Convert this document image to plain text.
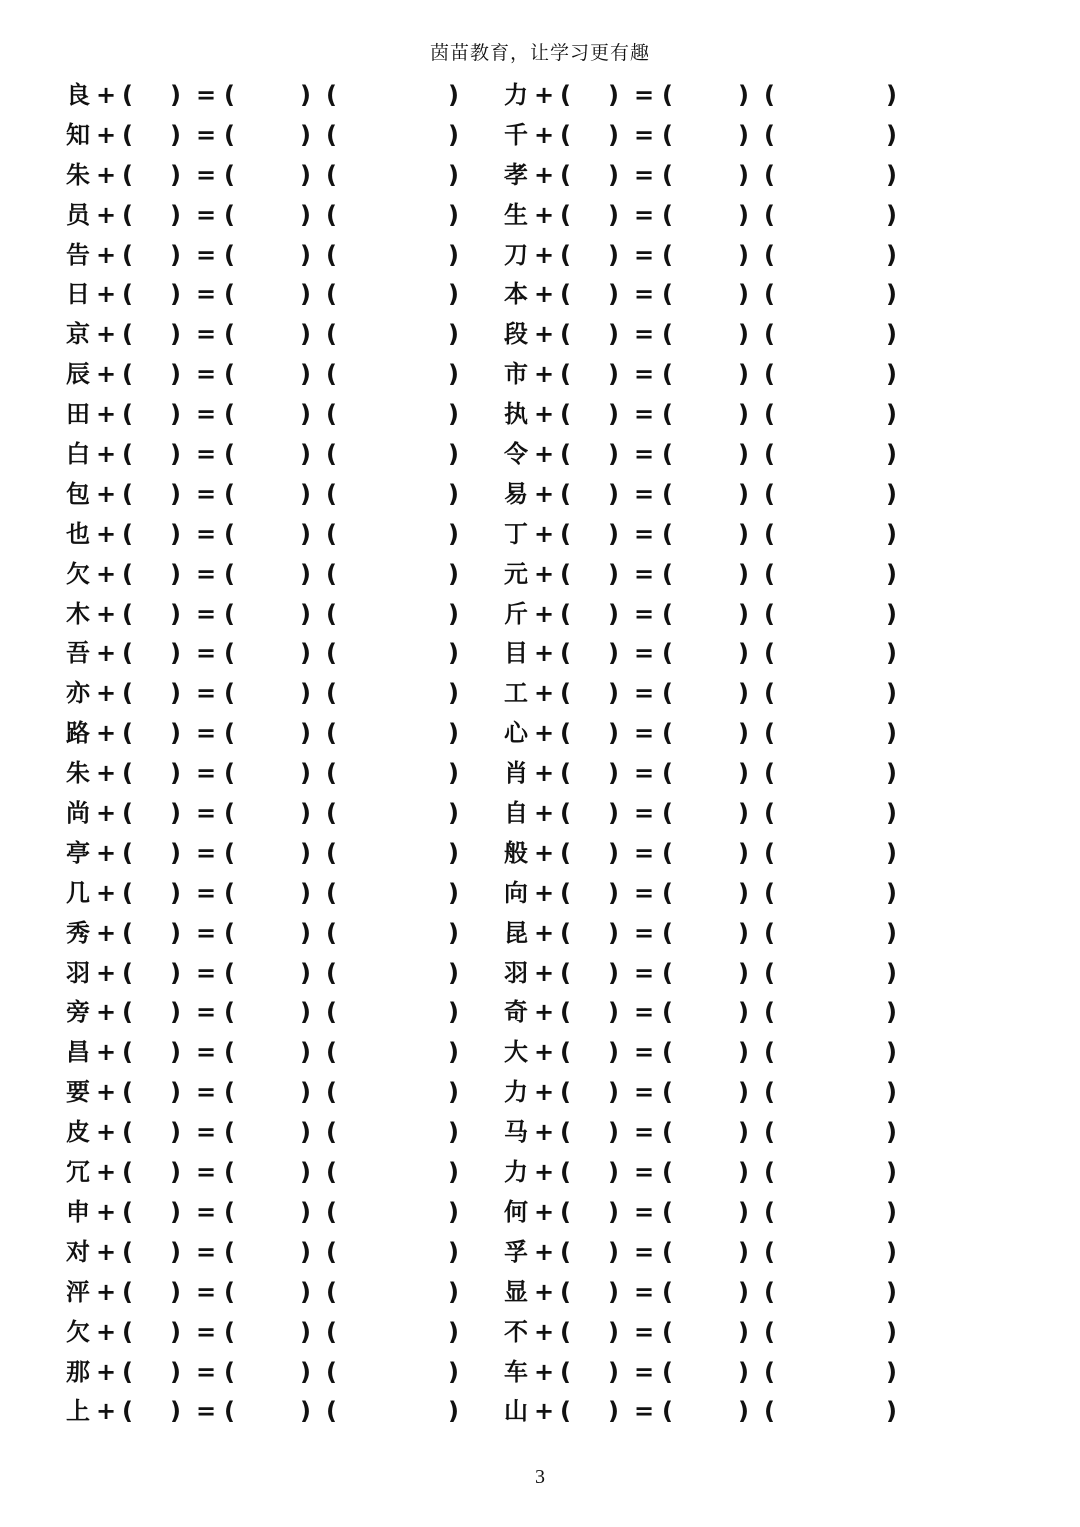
茵苗教育，让学习更有趣
良 + ( ) = (	) (	) 力 + ( ) = (	) (	)
知 + ( ) = (	) (	) 千 + ( ) = (	) (	)
朱 + ( ) = (	) (	) 孝 + ( ) = (	) (	)
员 + ( ) = (	) (	) 生 + ( ) = (	) (	)
告 + ( ) = (	) (	) 刀 + ( ) = (	) (	)
日 + ( ) = (	) (	) 本 + ( ) = (	) (	)
京 + ( ) = (	) (	) 段 + ( ) = (	) (	)
辰 + ( ) = (	) (	) 市 + ( ) = (	) (	)
田 + ( ) = (	) (	) 执 + ( ) = (	) (	)
白 + ( ) = (	) (	) 令 + ( ) = (	) (	)
包 + ( ) = (	) (	) 易 + ( ) = (	) (	)
也 + ( ) = (	) (	) 丁 + ( ) = (	) (	)
欠 + ( ) = (	) (	) 元 + ( ) = (	) (	)
木 + ( ) = (	) (	) 斤 + ( ) = (	) (	)
吾 + ( ) = (	) (	) 目 + ( ) = (	) (	)
亦 + ( ) = (	) (	) 工 + ( ) = (	) (	)
路 + ( ) = (	) (	) 心 + ( ) = (	) (	)
朱 + ( ) = (	) (	) 肖 + ( ) = (	) (	)
尚 + ( ) = (	) (	) 自 + ( ) = (	) (	)
亭 + ( ) = (	) (	) 般 + ( ) = (	) (	)
几 + ( ) = (	) (	) 向 + ( ) = (	) (	)
秀 + ( ) = (	) (	) 昆 + ( ) = (	) (	)
羽 + ( ) = (	) (	) 羽 + ( ) = (	) (	)
旁 + ( ) = (	) (	) 奇 + ( ) = (	) (	)
昌 + ( ) = (	) (	) 大 + ( ) = (	) (	)
要 + ( ) = (	) (	) 力 + ( ) = (	) (	)
皮 + ( ) = (	) (	) 马 + ( ) = (	) (	)
冗 + ( ) = (	) (	) 力 + ( ) = (	) (	)
申 + ( ) = (	) (	) 何 + ( ) = (	) (	)
对 + ( ) = (	) (	) 孚 + ( ) = (	) (	)
泙 + ( ) = (	) (	) 显 + ( ) = (	) (	)
欠 + ( ) = (	) (	) 不 + ( ) = (	) (	)
那 + ( ) = (	) (	) 车 + ( ) = (	) (	)
上 + ( ) = (	) (	) 山 + ( ) = (	) (	)
3
